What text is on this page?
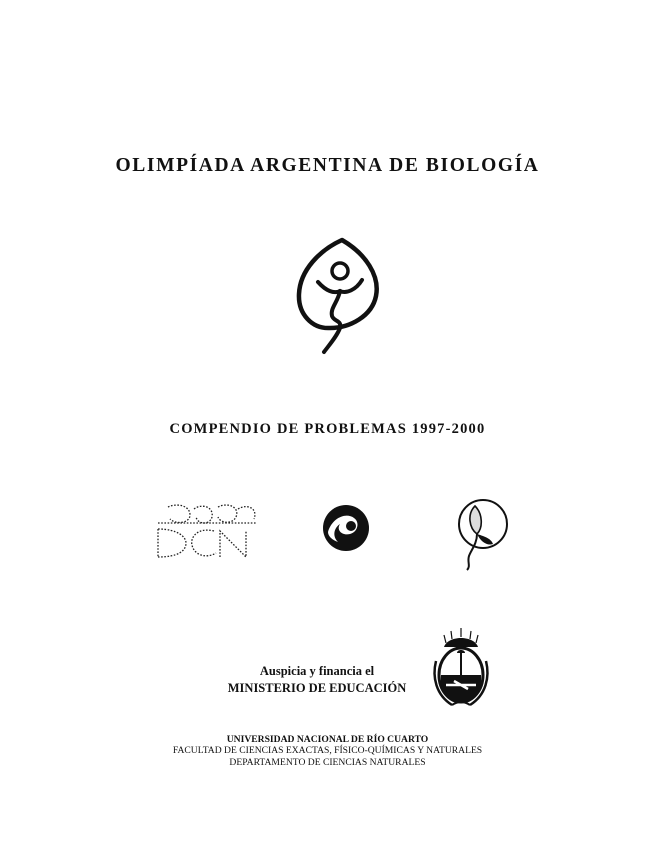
OLIMPÍADA ARGENTINA DE BIOLOGÍA
COMPENDIO DE PROBLEMAS 1997-2000
Auspicia y financia el
MINISTERIO DE EDUCACIÓN
UNIVERSIDAD NACIONAL DE RÍO CUARTO
FACULTAD DE CIENCIAS EXACTAS, FÍSICO-QUÍMICAS Y NATURALES
DEPARTAMENTO DE CIENCIAS NATURALES
